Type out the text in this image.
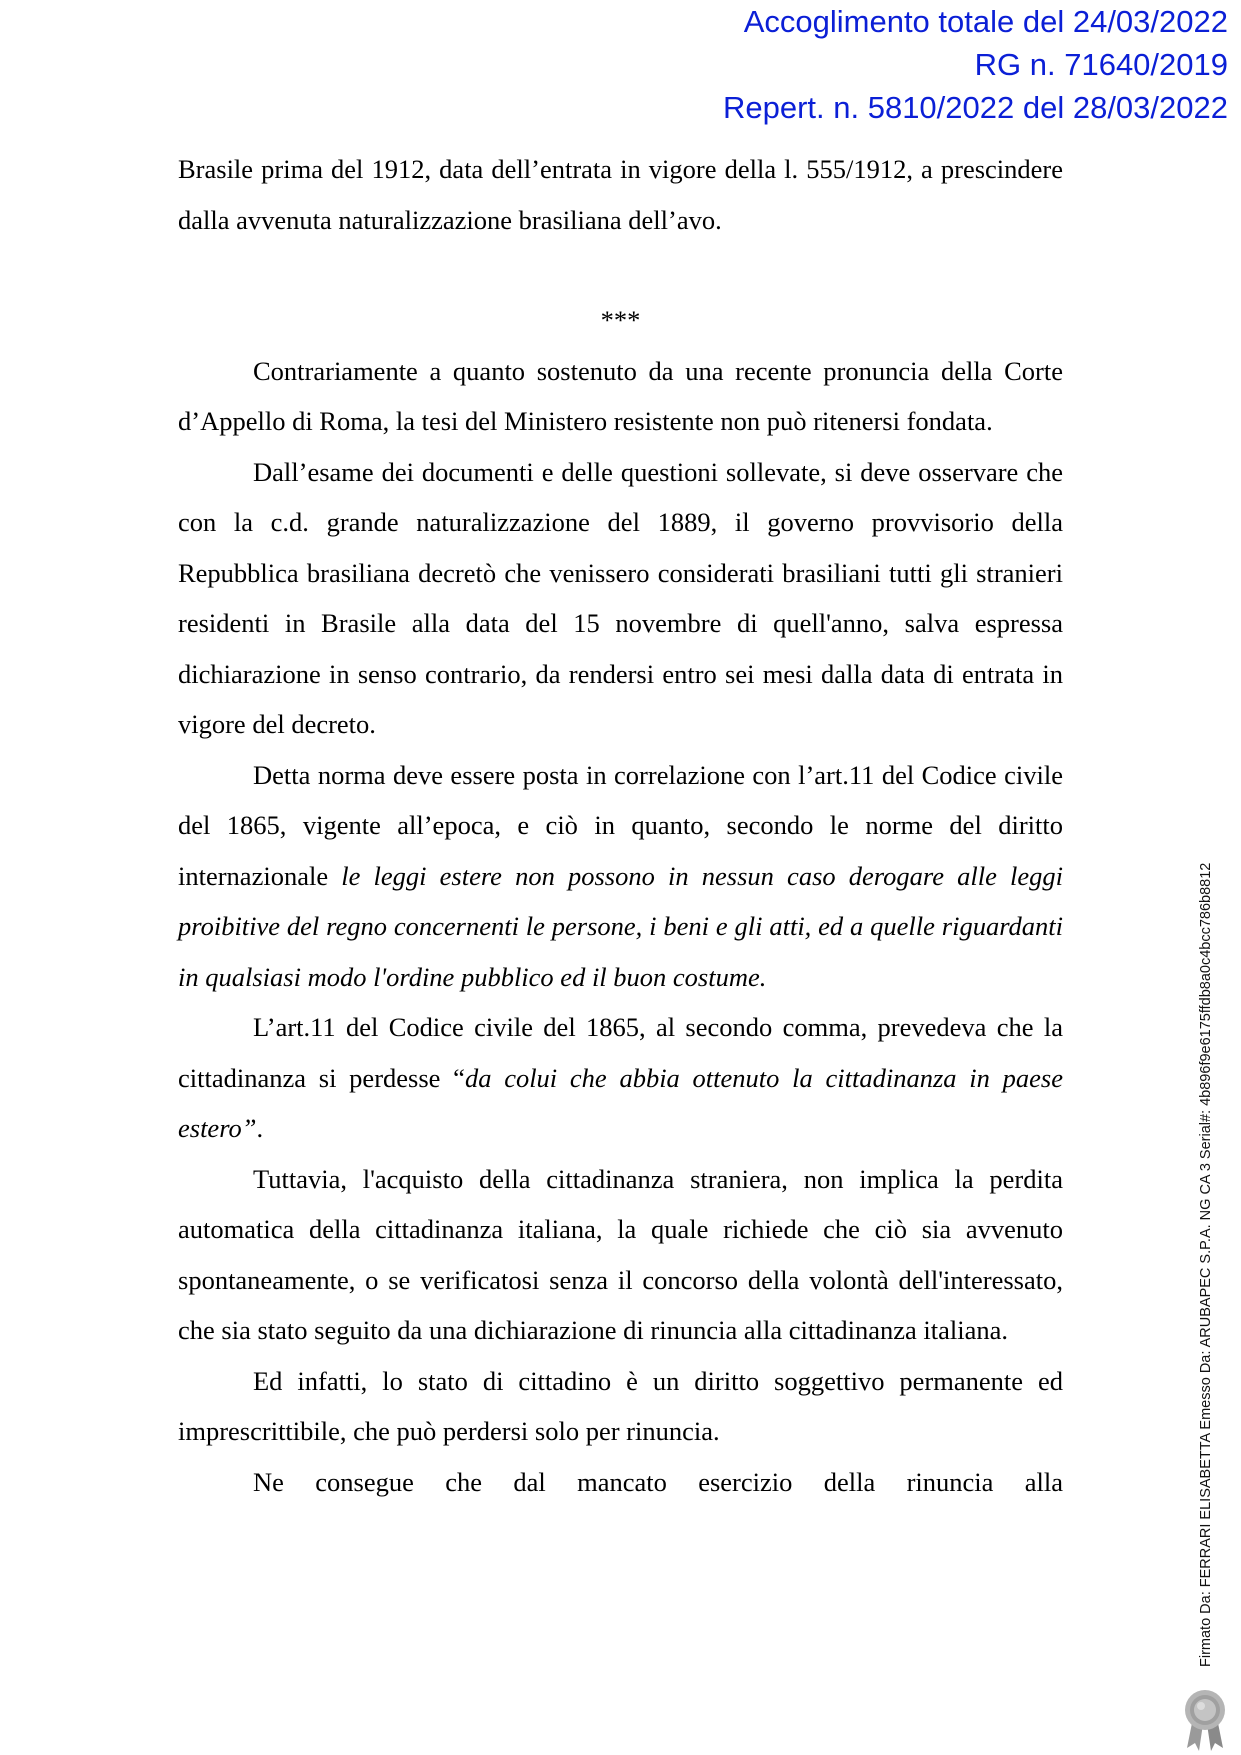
Accoglimento totale del 24/03/2022
RG n. 71640/2019
Repert. n. 5810/2022 del 28/03/2022

Brasile prima del 1912, data dell’entrata in vigore della l. 555/1912, a prescindere dalla avvenuta naturalizzazione brasiliana dell’avo.

***

Contrariamente a quanto sostenuto da una recente pronuncia della Corte d’Appello di Roma, la tesi del Ministero resistente non può ritenersi fondata.

Dall’esame dei documenti e delle questioni sollevate, si deve osservare che con la c.d. grande naturalizzazione del 1889, il governo provvisorio della Repubblica brasiliana decretò che venissero considerati brasiliani tutti gli stranieri residenti in Brasile alla data del 15 novembre di quell'anno, salva espressa dichiarazione in senso contrario, da rendersi entro sei mesi dalla data di entrata in vigore del decreto.

Detta norma deve essere posta in correlazione con l’art.11 del Codice civile del 1865, vigente all’epoca, e ciò in quanto, secondo le norme del diritto internazionale le leggi estere non possono in nessun caso derogare alle leggi proibitive del regno concernenti le persone, i beni e gli atti, ed a quelle riguardanti in qualsiasi modo l'ordine pubblico ed il buon costume.

L’art.11 del Codice civile del 1865, al secondo comma, prevedeva che la cittadinanza si perdesse “da colui che abbia ottenuto la cittadinanza in paese estero”.

Tuttavia, l'acquisto della cittadinanza straniera, non implica la perdita automatica della cittadinanza italiana, la quale richiede che ciò sia avvenuto spontaneamente, o se verificatosi senza il concorso della volontà dell'interessato, che sia stato seguito da una dichiarazione di rinuncia alla cittadinanza italiana.

Ed infatti, lo stato di cittadino è un diritto soggettivo permanente ed imprescrittibile, che può perdersi solo per rinuncia.

Ne consegue che dal mancato esercizio della rinuncia alla	Firmato Da: FERRARI ELISABETTA Emesso Da: ARUBAPEC S.P.A. NG CA 3 Serial#: 4b896f9e6175ffdb8a0c4bcc786b8812
